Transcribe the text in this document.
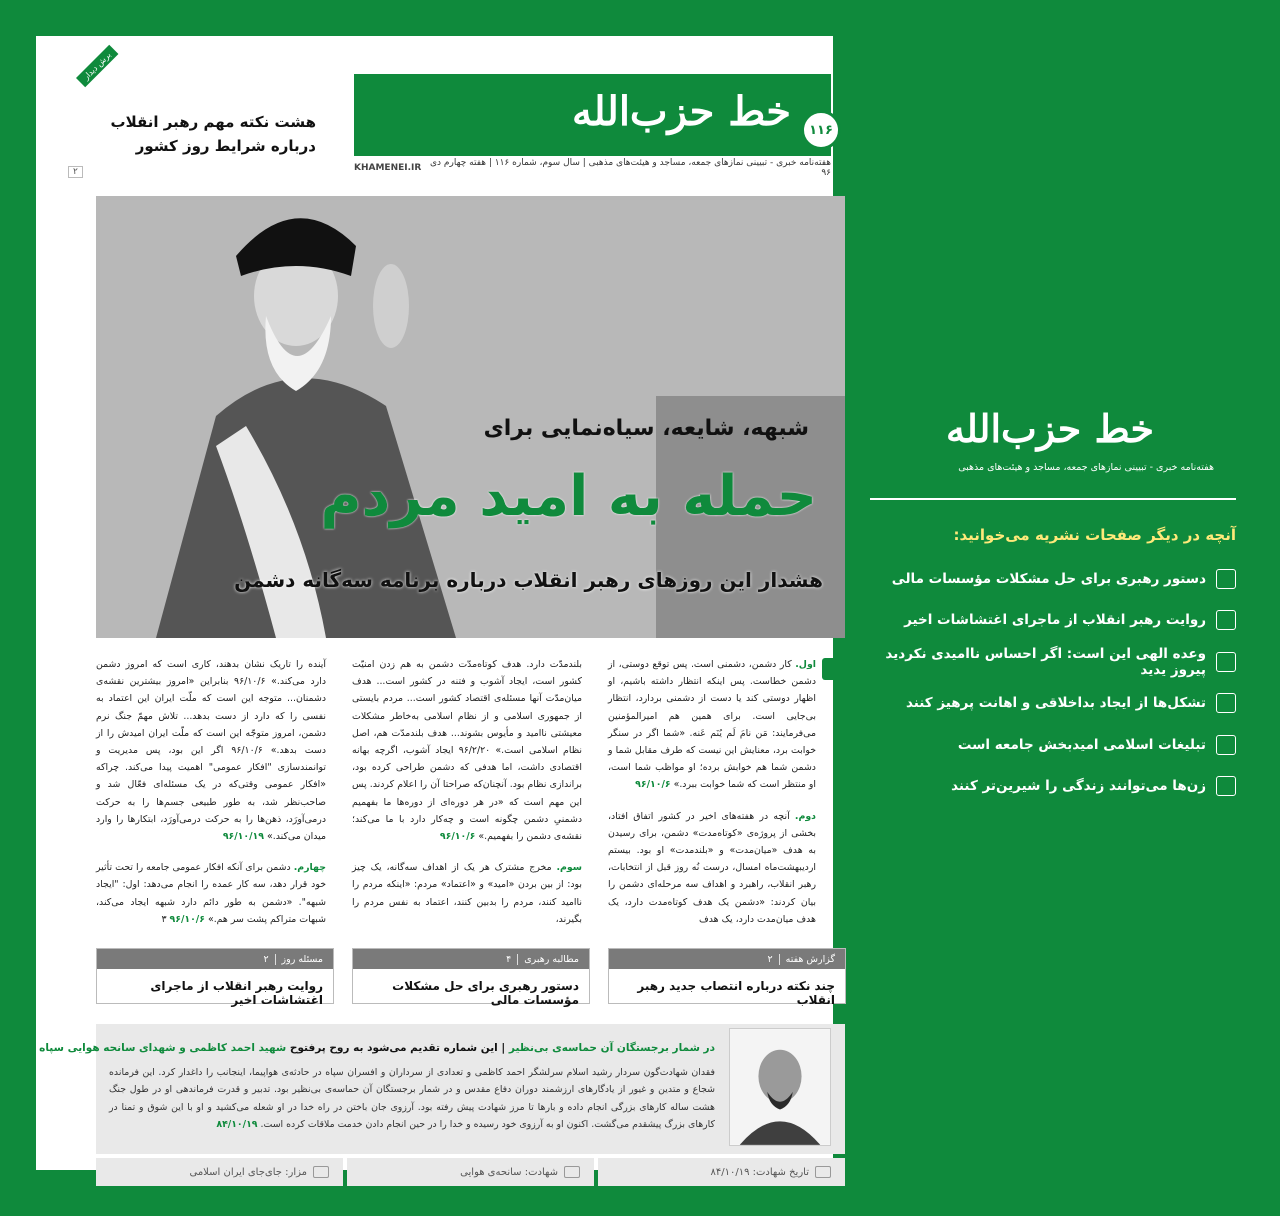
برش دیدار
هشت نکته مهم رهبر انقلاب درباره شرایط روز کشور
۲
خط حزب‌الله	۱۱۶
KHAMENEI.IR هفته‌نامه خبری - تبیینی نمازهای جمعه، مساجد و هیئت‌های مذهبی | سال سوم، شماره ۱۱۶ | هفته چهارم دی ۹۶
شبهه، شایعه، سیاه‌نمایی برای
حمله به امید مردم
هشدار این روزهای رهبر انقلاب درباره برنامه سه‌گانه دشمن

اول. کار دشمن، دشمنی است. پس توقع دوستی، از دشمن خطاست. پس اینکه انتظار داشته باشیم، او اظهار دوستی کند یا دست از دشمنی بردارد، انتظار بی‌جایی است. برای همین هم امیرالمؤمنین می‌فرمایند: مَن نامَ لَم یُنَم عَنه. «شما اگر در سنگر خوابت برد، معنایش این نیست که طرف مقابل شما و دشمن شما هم خوابش برده؛ او مواظب شما است، او منتظر است که شما خوابت ببرد.» ۹۶/۱۰/۶

دوم. آنچه در هفته‌های اخیر در کشور اتفاق افتاد، بخشی از پروژه‌ی «کوتاه‌مدت» دشمن، برای رسیدن به هدف «میان‌مدت» و «بلندمدت» او بود. بیستم اردیبهشت‌ماه امسال، درست نُه روز قبل از انتخابات، رهبر انقلاب، راهبرد و اهداف سه مرحله‌ای دشمن را بیان کردند: «دشمن یک هدف کوتاه‌مدت دارد، یک هدف میان‌مدت دارد، یک هدف

بلندمدّت دارد. هدف کوتاه‌مدّت دشمن به هم زدن امنیّت کشور است، ایجاد آشوب و فتنه در کشور است... هدف میان‌مدّت آنها مسئله‌ی اقتصاد کشور است... مردم بایستی از جمهوری اسلامی و از نظام اسلامی به‌خاطر مشکلات معیشتی ناامید و مأیوس بشوند... هدف بلندمدّت هم، اصل نظام اسلامی است.» ۹۶/۲/۲۰ ایجاد آشوب، اگرچه بهانه اقتصادی داشت، اما هدفی که دشمن طراحی کرده بود، براندازی نظام بود. آنچنان‌که صراحتا آن را اعلام کردند. پس این مهم است که «در هر دوره‌ای از دوره‌ها ما بفهمیم دشمنیِ دشمن چگونه است و چه‌کار دارد با ما می‌کند؛ نقشه‌ی دشمن را بفهمیم.» ۹۶/۱۰/۶

سوم. مخرج مشترک هر یک از اهداف سه‌گانه، یک چیز بود: از بین بردن «امید» و «اعتماد» مردم: «اینکه مردم را ناامید کنند، مردم را بدبین کنند، اعتماد به نفس مردم را بگیرند،

آینده را تاریک نشان بدهند، کاری است که امروز دشمن دارد می‌کند.» ۹۶/۱۰/۶ بنابراین «امروز بیشترین نقشه‌ی دشمنان... متوجه این است که ملّت ایران این اعتماد به نفسی را که دارد از دست بدهد... تلاش مهمّ جنگ نرم دشمن، امروز متوجّه این است که ملّت ایران امیدش را از دست بدهد.» ۹۶/۱۰/۶ اگر این بود، پس مدیریت و توانمندسازی "افکار عمومی" اهمیت پیدا می‌کند. چراکه «افکار عمومی وقتی‌که در یک مسئله‌ای فعّال شد و صاحب‌نظر شد، به طور طبیعی جسم‌ها را به حرکت درمی‌آورَد، ذهن‌ها را به حرکت درمی‌آورَد، ابتکارها را وارد میدان می‌کند.» ۹۶/۱۰/۱۹

چهارم. دشمن برای آنکه افکار عمومی جامعه را تحت تأثیر خود قرار دهد، سه کار عمده را انجام می‌دهد: اول: "ایجاد شبهه". «دشمن به طور دائم دارد شبهه ایجاد می‌کند، شبهات متراکم پشت سر هم.» ۹۶/۱۰/۶ ۳

گزارش هفته
۲
چند نکته درباره انتصاب جدید رهبر انقلاب
مطالبه رهبری
۴
دستور رهبری برای حل مشکلات مؤسسات مالی
مسئله روز
۲
روایت رهبر انقلاب از ماجرای اغتشاشات اخیر
در شمار برجستگان آن حماسه‌ی بی‌نظیر | این شماره تقدیم می‌شود به روح پرفتوح شهید احمد کاظمی و شهدای سانحه هوایی سپاه
فقدان شهادت‌گون سردار رشید اسلام سرلشگر احمد کاظمی و تعدادی از سرداران و افسران سپاه در حادثه‌ی هواپیما، اینجانب را داغدار کرد. این فرمانده شجاع و متدین و غیور از یادگارهای ارزشمند دوران دفاع مقدس و در شمار برجستگان آن حماسه‌ی بی‌نظیر بود. تدبیر و قدرت فرماندهی او در طول جنگ هشت ساله کارهای بزرگی انجام داده و بارها تا مرز شهادت پیش رفته بود. آرزوی جان باختن در راه خدا در او شعله می‌کشید و او با این شوق و تمنا در کارهای بزرگ پیشقدم می‌گشت. اکنون او به آرزوی خود رسیده و خدا را در حین انجام دادن خدمت ملاقات کرده است. ۸۴/۱۰/۱۹
تاریخ شهادت: ۸۴/۱۰/۱۹
شهادت: سانحه‌ی هوایی
مزار: جای‌جای ایران اسلامی
خط حزب‌الله
هفته‌نامه خبری - تبیینی نمازهای جمعه، مساجد و هیئت‌های مذهبی
آنچه در دیگر صفحات نشریه می‌خوانید:
دستور رهبری برای حل مشکلات مؤسسات مالی
روایت رهبر انقلاب از ماجرای اغتشاشات اخیر
وعده الهی این است: اگر احساس ناامیدی نکردید پیروز یدید
تشکل‌ها از ایجاد بداخلاقی و اهانت پرهیز کنند
تبلیغات اسلامی امیدبخش جامعه است
زن‌ها می‌توانند زندگی را شیرین‌تر کنند
